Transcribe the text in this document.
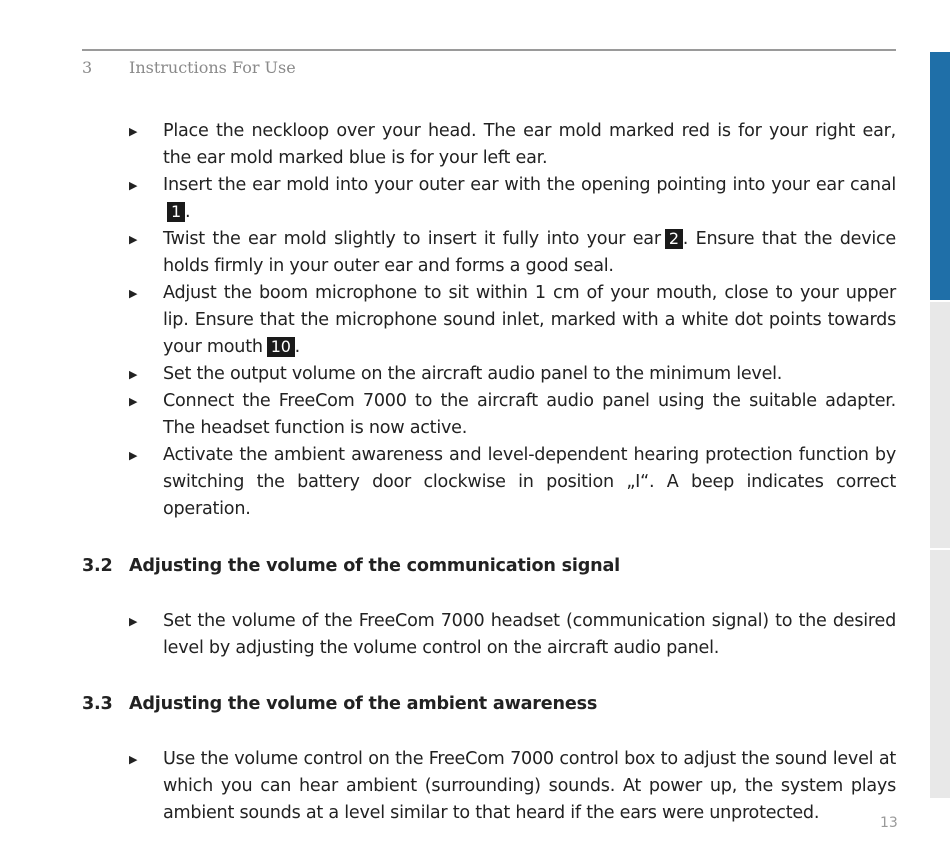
3 Instructions For Use
▶ Place the neckloop over your head. The ear mold marked red is for your right ear, the ear mold marked blue is for your left ear.
▶ Insert the ear mold into your outer ear with the opening pointing into your ear canal1 .
▶ Twist the ear mold slightly to insert it fully into your ear 2 . Ensure that the device holds firmly in your outer ear and forms a good seal.
▶ Adjust the boom microphone to sit within 1 cm of your mouth, close to your upper lip. Ensure that the microphone sound inlet, marked with a white dot points towards your mouth 10 .
▶ Set the output volume on the aircraft audio panel to the minimum level.
▶ Connect the FreeCom 7000 to the aircraft audio panel using the suitable adapter. The headset function is now active.
▶ Activate the ambient awareness and level-dependent hearing protection function by switching the battery door clockwise in position „I“. A beep indicates correct operation.
3.2 Adjusting the volume of the communication signal
▶ Set the volume of the FreeCom 7000 headset (communication signal) to the desired level by adjusting the volume control on the aircraft audio panel.
3.3 Adjusting the volume of the ambient awareness
▶ Use the volume control on the FreeCom 7000 control box to adjust the sound level at which you can hear ambient (surrounding) sounds. At power up, the system plays ambient sounds at a level similar to that heard if the ears were unprotected.	13
